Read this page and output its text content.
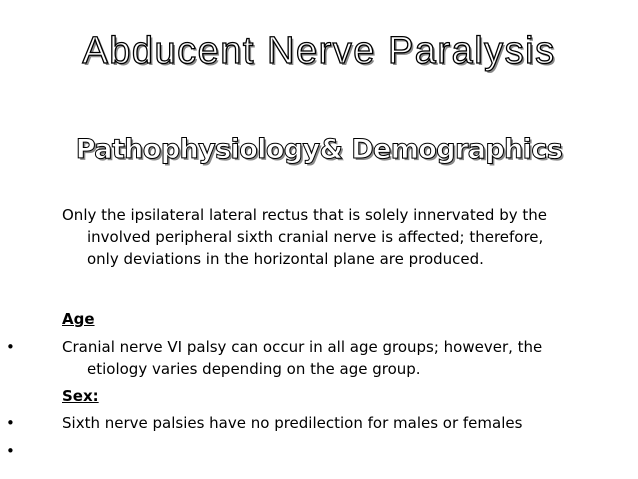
Abducent Nerve Paralysis
Pathophysiology& Demographics
Only the ipsilateral lateral rectus that is solely innervated by the
involved peripheral sixth cranial nerve is affected; therefore,
only deviations in the horizontal plane are produced.
Age
•	Cranial nerve VI palsy can occur in all age groups; however, the
etiology varies depending on the age group.
Sex:
•	Sixth nerve palsies have no predilection for males or females
•
